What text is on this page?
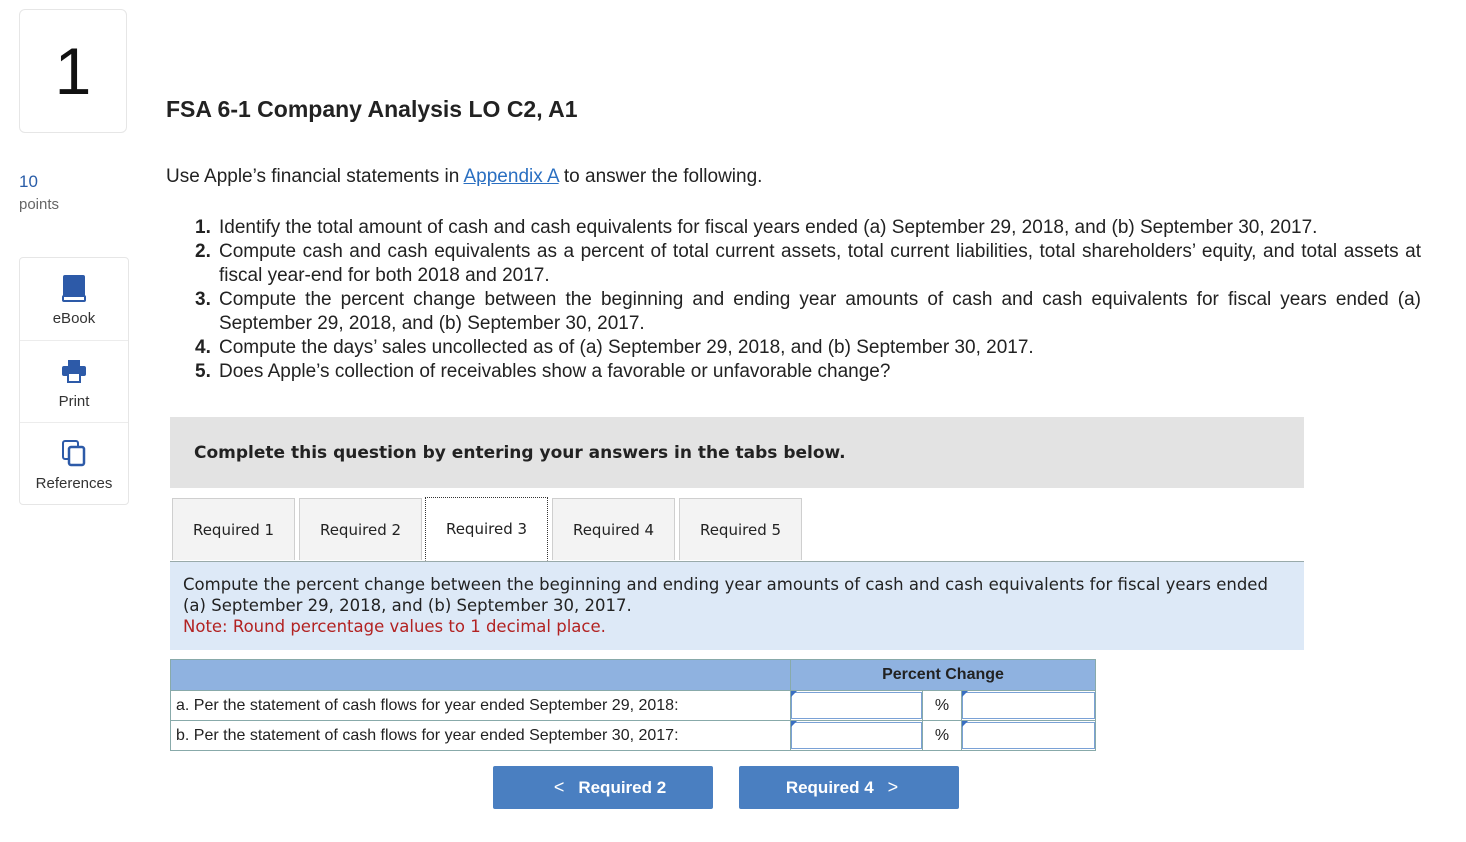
1
10
points
eBook
Print
References
FSA 6-1 Company Analysis LO C2, A1
Use Apple’s financial statements in Appendix A to answer the following.
1. Identify the total amount of cash and cash equivalents for fiscal years ended (a) September 29, 2018, and (b) September 30, 2017.
2. Compute cash and cash equivalents as a percent of total current assets, total current liabilities, total shareholders’ equity, and total assets at fiscal year-end for both 2018 and 2017.
3. Compute the percent change between the beginning and ending year amounts of cash and cash equivalents for fiscal years ended (a) September 29, 2018, and (b) September 30, 2017.
4. Compute the days’ sales uncollected as of (a) September 29, 2018, and (b) September 30, 2017.
5. Does Apple’s collection of receivables show a favorable or unfavorable change?
Complete this question by entering your answers in the tabs below.
Required 1	Required 2	Required 3	Required 4	Required 5
Compute the percent change between the beginning and ending year amounts of cash and cash equivalents for fiscal years ended (a) September 29, 2018, and (b) September 30, 2017.
Note: Round percentage values to 1 decimal place.
	Percent Change		
a. Per the statement of cash flows for year ended September 29, 2018:		%	
b. Per the statement of cash flows for year ended September 30, 2017:		%	
< Required 2	Required 4 >
